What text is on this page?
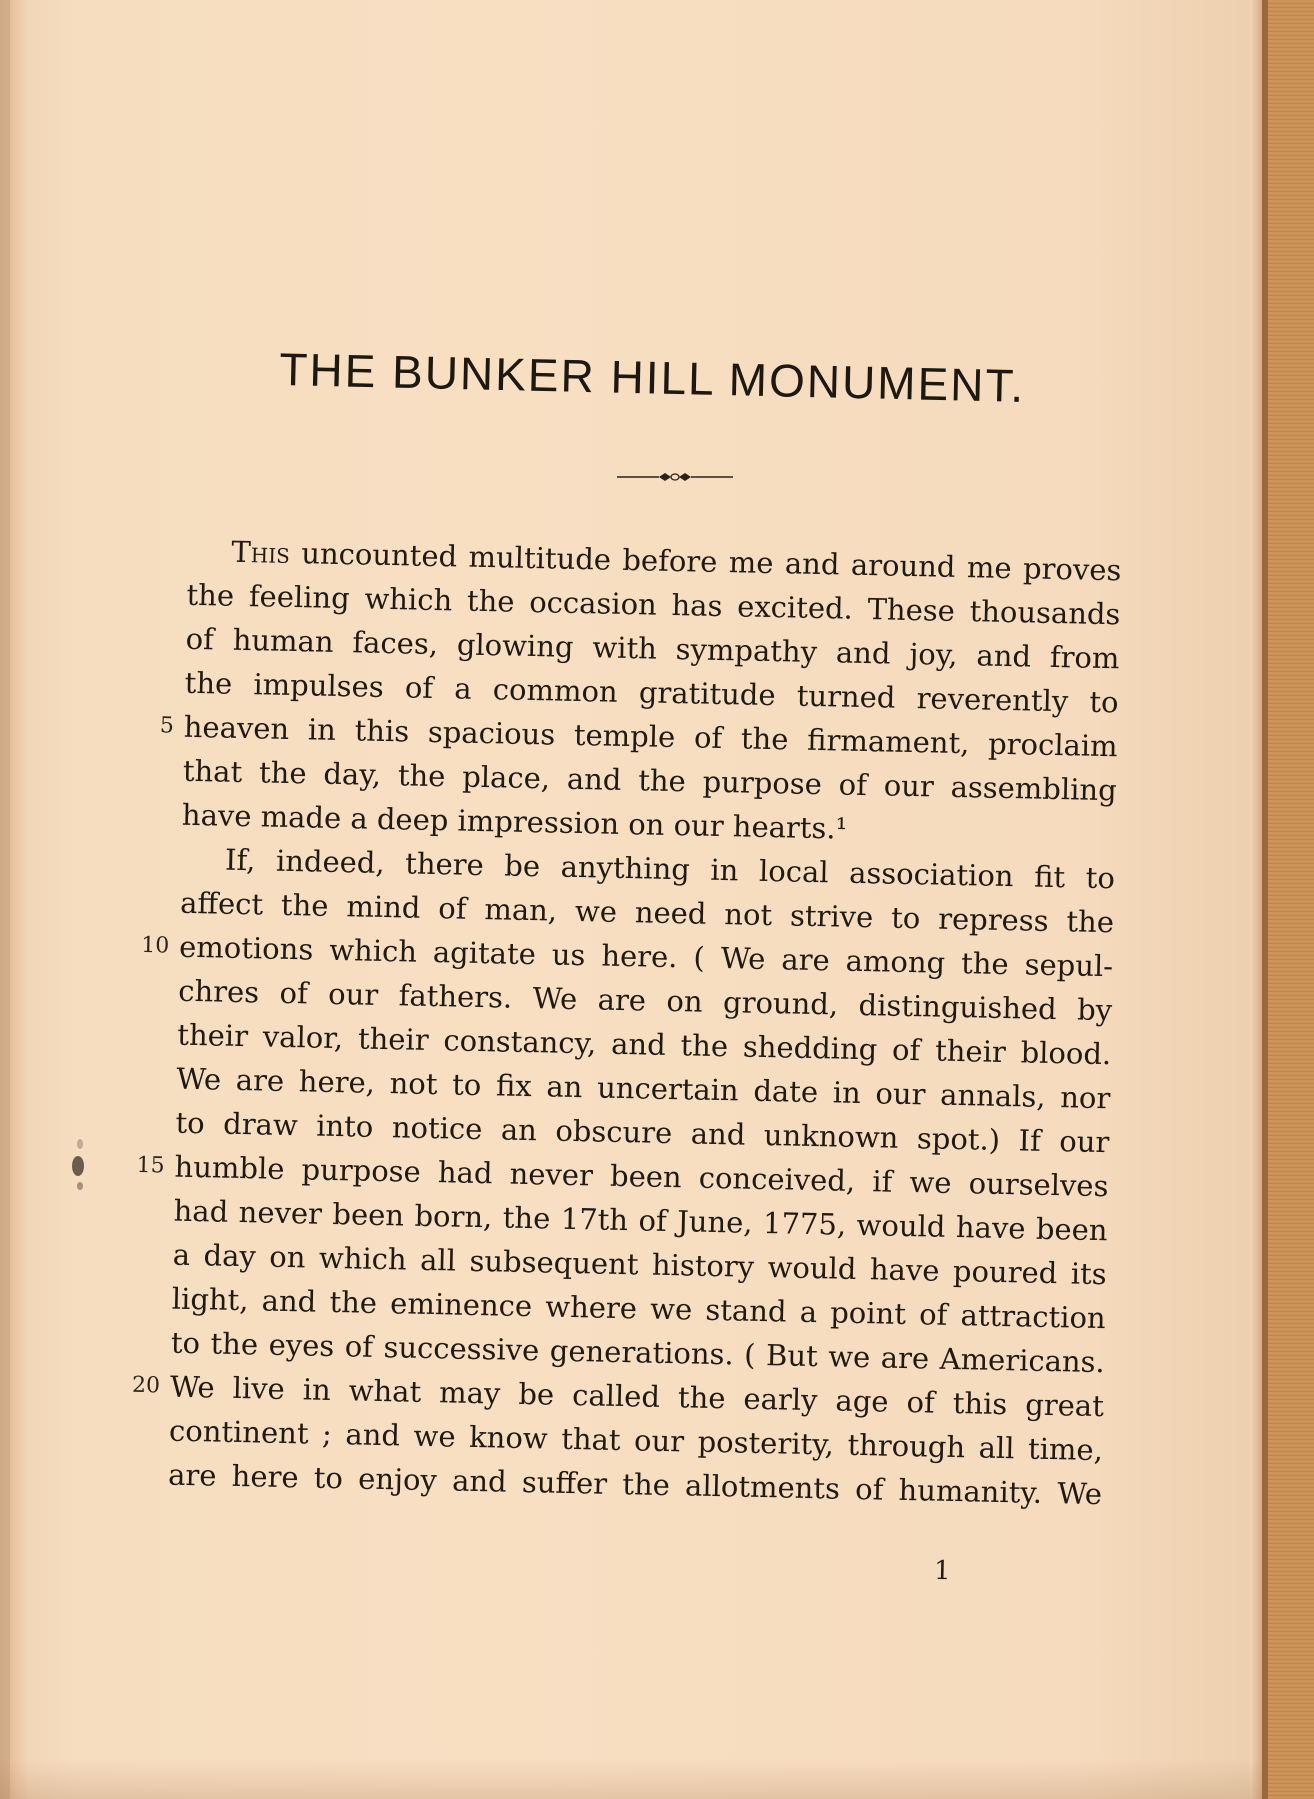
THE BUNKER HILL MONUMENT.
This uncounted multitude before me and around me proves
the feeling which the occasion has excited. These thousands
of human faces, glowing with sympathy and joy, and from
the impulses of a common gratitude turned reverently to
5 heaven in this spacious temple of the firmament, proclaim
that the day, the place, and the purpose of our assembling
have made a deep impression on our hearts.¹
If, indeed, there be anything in local association fit to
affect the mind of man, we need not strive to repress the
10 emotions which agitate us here. ( We are among the sepul-
chres of our fathers. We are on ground, distinguished by
their valor, their constancy, and the shedding of their blood.
We are here, not to fix an uncertain date in our annals, nor
to draw into notice an obscure and unknown spot.) If our
15 humble purpose had never been conceived, if we ourselves
had never been born, the 17th of June, 1775, would have been
a day on which all subsequent history would have poured its
light, and the eminence where we stand a point of attraction
to the eyes of successive generations. ( But we are Americans.
20 We live in what may be called the early age of this great
continent ; and we know that our posterity, through all time,
are here to enjoy and suffer the allotments of humanity. We
1
